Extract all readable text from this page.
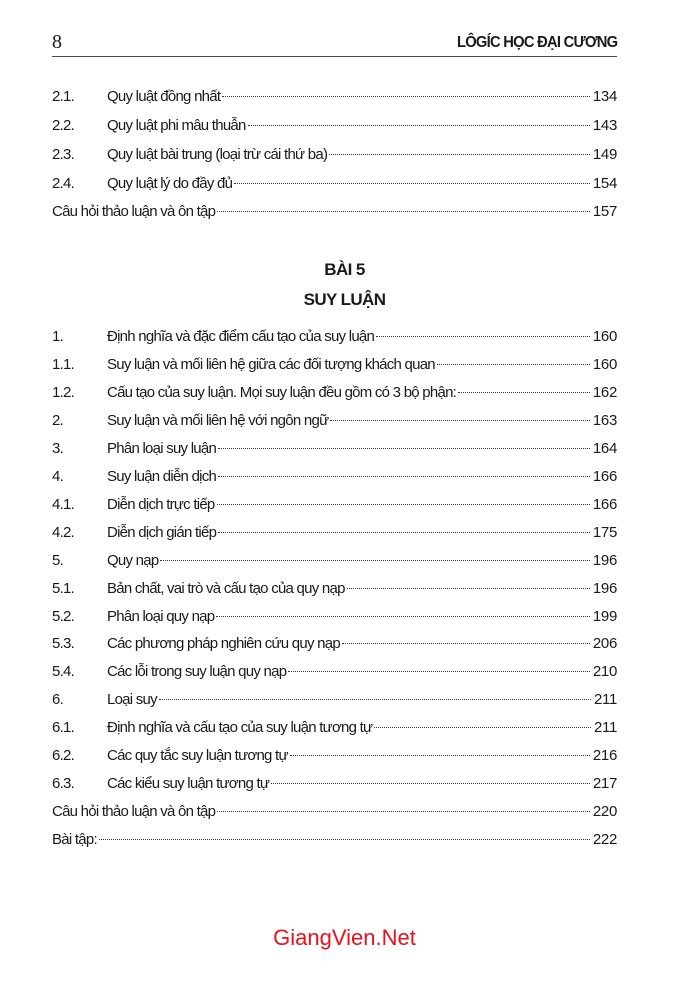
8	LÔGÍC HỌC ĐẠI CƯƠNG
2.1.	Quy luật đồng nhất	134
2.2.	Quy luật phi mâu thuẫn	143
2.3.	Quy luật bài trung (loại trừ cái thứ ba)	149
2.4.	Quy luật lý do đầy đủ	154
Câu hỏi thảo luận và ôn tập	157
BÀI 5
SUY LUẬN
1.	Định nghĩa và đặc điểm cấu tạo của suy luận	160
1.1.	Suy luận và mối liên hệ giữa các đối tượng khách quan	160
1.2.	Cấu tạo của suy luận. Mọi suy luận đều gồm có 3 bộ phận:	162
2.	Suy luận và mối liên hệ với ngôn ngữ	163
3.	Phân loại suy luận	164
4.	Suy luận diễn dịch	166
4.1.	Diễn dịch trực tiếp	166
4.2.	Diễn dịch gián tiếp	175
5.	Quy nạp	196
5.1.	Bản chất, vai trò và cấu tạo của quy nạp	196
5.2.	Phân loại quy nạp	199
5.3.	Các phương pháp nghiên cứu quy nạp	206
5.4.	Các lỗi trong suy luận quy nạp	210
6.	Loại suy	211
6.1.	Định nghĩa và cấu tạo của suy luận tương tự	211
6.2.	Các quy tắc suy luận tương tự	216
6.3.	Các kiểu suy luận tương tự	217
Câu hỏi thảo luận và ôn tập	220
Bài tập:	222
GiangVien.Net
